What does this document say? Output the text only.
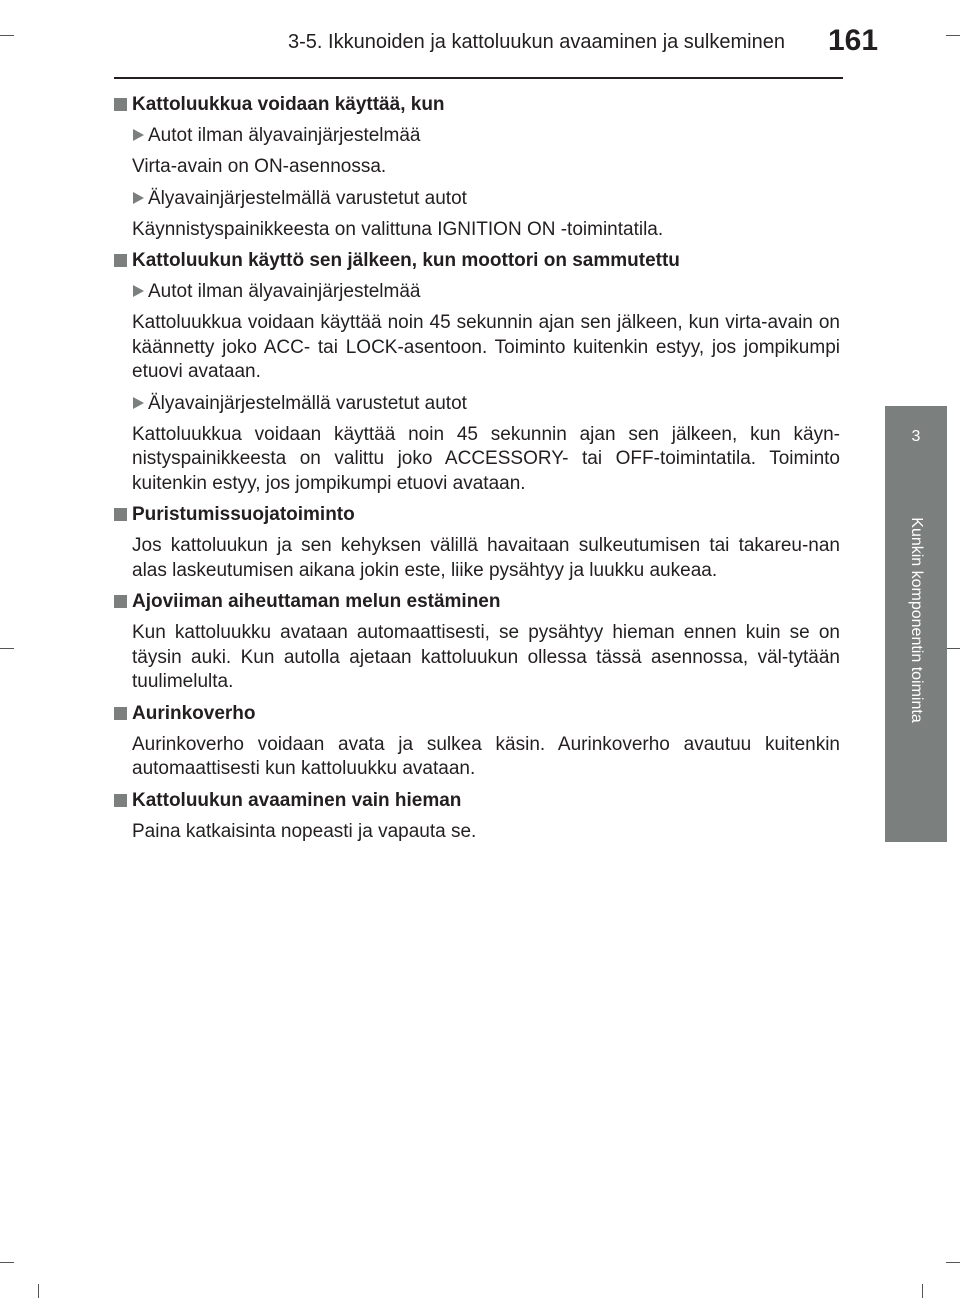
3-5. Ikkunoiden ja kattoluukun avaaminen ja sulkeminen 161
3
Kunkin komponentin toiminta
Kattoluukkua voidaan käyttää, kun
Autot ilman älyavainjärjestelmää
Virta-avain on ON-asennossa.
Älyavainjärjestelmällä varustetut autot
Käynnistyspainikkeesta on valittuna IGNITION ON -toimintatila.
Kattoluukun käyttö sen jälkeen, kun moottori on sammutettu
Autot ilman älyavainjärjestelmää
Kattoluukkua voidaan käyttää noin 45 sekunnin ajan sen jälkeen, kun virta-avain on käännetty joko ACC- tai LOCK-asentoon. Toiminto kuitenkin estyy, jos jompikumpi etuovi avataan.
Älyavainjärjestelmällä varustetut autot
Kattoluukkua voidaan käyttää noin 45 sekunnin ajan sen jälkeen, kun käyn-nistyspainikkeesta on valittu joko ACCESSORY- tai OFF-toimintatila. Toiminto kuitenkin estyy, jos jompikumpi etuovi avataan.
Puristumissuojatoiminto
Jos kattoluukun ja sen kehyksen välillä havaitaan sulkeutumisen tai takareu-nan alas laskeutumisen aikana jokin este, liike pysähtyy ja luukku aukeaa.
Ajoviiman aiheuttaman melun estäminen
Kun kattoluukku avataan automaattisesti, se pysähtyy hieman ennen kuin se on täysin auki. Kun autolla ajetaan kattoluukun ollessa tässä asennossa, väl-tytään tuulimelulta.
Aurinkoverho
Aurinkoverho voidaan avata ja sulkea käsin. Aurinkoverho avautuu kuitenkin automaattisesti kun kattoluukku avataan.
Kattoluukun avaaminen vain hieman
Paina katkaisinta nopeasti ja vapauta se.
